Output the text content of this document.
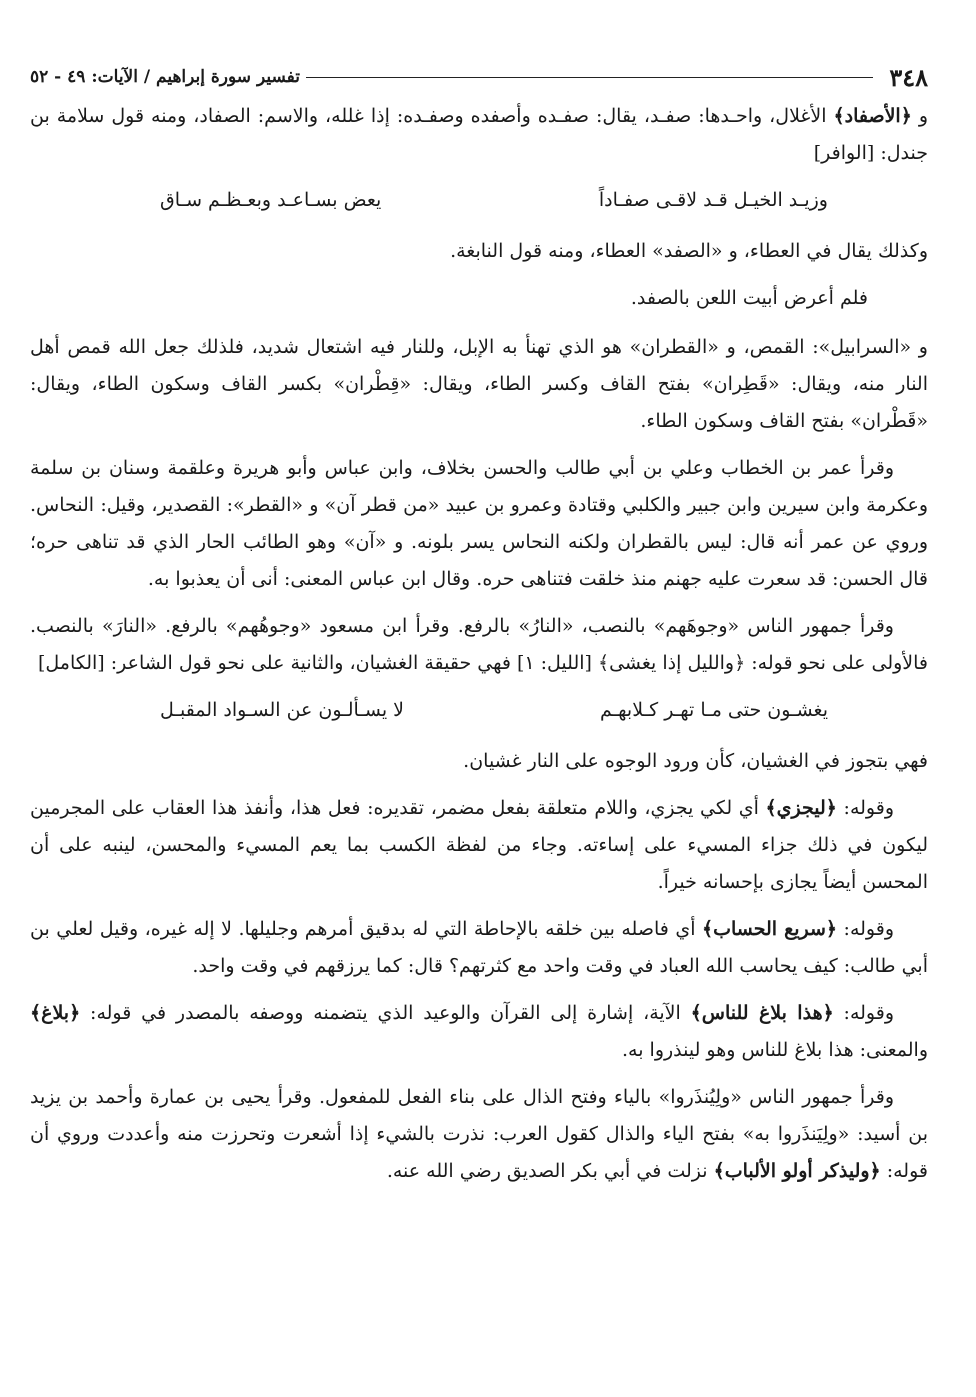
٣٤٨
تفسير سورة إبراهيم / الآيات: ٤٩ - ٥٢

و ﴿الأصفاد﴾ الأغلال، واحـدها: صفـد، يقال: صفـده وأصفده وصفـده: إذا غلله، والاسم: الصفاد، ومنه قول سلامة بن جندل: [الوافر]

وزيـد الخيـل قـد لاقـى صفـاداً
يعض بسـاعـد وبعـظـم سـاق

وكذلك يقال في العطاء، و «الصفد» العطاء، ومنه قول النابغة.

فلم أعرض أبيت اللعن بالصفد.

و «السرابيل»: القمص، و «القطران» هو الذي تهنأ به الإبل، وللنار فيه اشتعال شديد، فلذلك جعل الله قمص أهل النار منه، ويقال: «قَطِران» بفتح القاف وكسر الطاء، ويقال: «قِطْران» بكسر القاف وسكون الطاء، ويقال: «قَطْران» بفتح القاف وسكون الطاء.

وقرأ عمر بن الخطاب وعلي بن أبي طالب والحسن بخلاف، وابن عباس وأبو هريرة وعلقمة وسنان بن سلمة وعكرمة وابن سيرين وابن جبير والكلبي وقتادة وعمرو بن عبيد «من قطر آن» و «القطر»: القصدير، وقيل: النحاس. وروي عن عمر أنه قال: ليس بالقطران ولكنه النحاس يسر بلونه. و «آن» وهو الطائب الحار الذي قد تناهى حره؛ قال الحسن: قد سعرت عليه جهنم منذ خلقت فتناهى حره. وقال ابن عباس المعنى: أنى أن يعذبوا به.

وقرأ جمهور الناس «وجوهَهم» بالنصب، «النارُ» بالرفع. وقرأ ابن مسعود «وجوهُهم» بالرفع. «النارَ» بالنصب. فالأولى على نحو قوله: ﴿والليل إذا يغشى﴾ [الليل: ١] فهي حقيقة الغشيان، والثانية على نحو قول الشاعر: [الكامل]

يغشـون حتى مـا تهـر كـلابهـم
لا يسـألـون عن السـواد المقبـل

فهي بتجوز في الغشيان، كأن ورود الوجوه على النار غشيان.

وقوله: ﴿ليجزي﴾ أي لكي يجزي، واللام متعلقة بفعل مضمر، تقديره: فعل هذا، وأنفذ هذا العقاب على المجرمين ليكون في ذلك جزاء المسيء على إساءته. وجاء من لفظة الكسب بما يعم المسيء والمحسن، لينبه على أن المحسن أيضاً يجازى بإحسانه خيراً.

وقوله: ﴿سريع الحساب﴾ أي فاصله بين خلقه بالإحاطة التي له بدقيق أمرهم وجليلها. لا إله غيره، وقيل لعلي بن أبي طالب: كيف يحاسب الله العباد في وقت واحد مع كثرتهم؟ قال: كما يرزقهم في وقت واحد.

وقوله: ﴿هذا بلاغ للناس﴾ الآية، إشارة إلى القرآن والوعيد الذي يتضمنه ووصفه بالمصدر في قوله: ﴿بلاغ﴾ والمعنى: هذا بلاغ للناس وهو لينذروا به.

وقرأ جمهور الناس «ولِيُنذَروا» بالياء وفتح الذال على بناء الفعل للمفعول. وقرأ يحيى بن عمارة وأحمد بن يزيد بن أسيد: «ولِيَنذَروا به» بفتح الياء والذال كقول العرب: نذرت بالشيء إذا أشعرت وتحرزت منه وأعددت وروي أن قوله: ﴿وليذكر أولو الألباب﴾ نزلت في أبي بكر الصديق رضي الله عنه.
